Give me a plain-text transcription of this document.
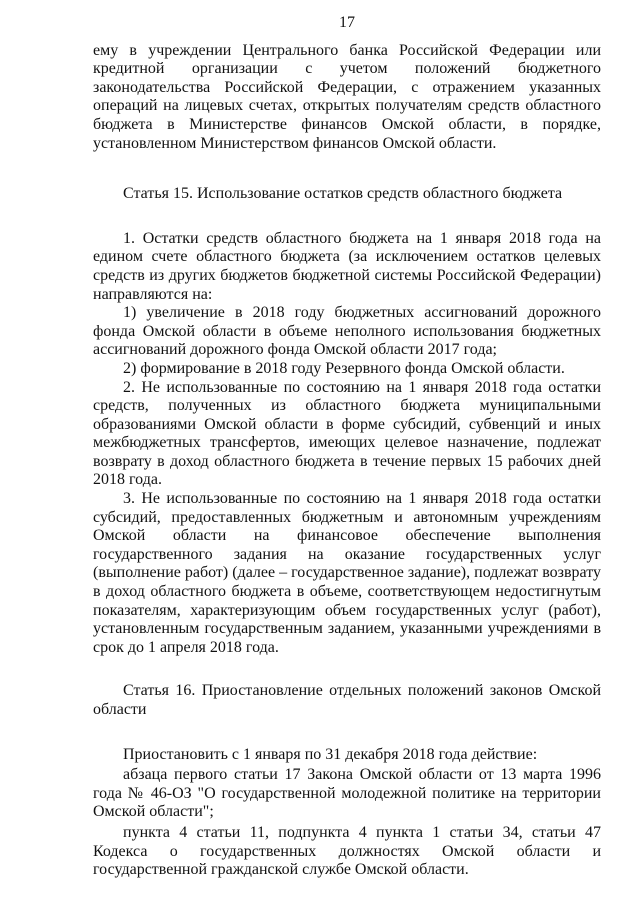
17

ему в учреждении Центрального банка Российской Федерации или кредитной организации с учетом положений бюджетного законодательства Российской Федерации, с отражением указанных операций на лицевых счетах, открытых получателям средств областного бюджета в Министерстве финансов Омской области, в порядке, установленном Министерством финансов Омской области.

Статья 15. Использование остатков средств областного бюджета

1. Остатки средств областного бюджета на 1 января 2018 года на едином счете областного бюджета (за исключением остатков целевых средств из других бюджетов бюджетной системы Российской Федерации) направляются на:

1) увеличение в 2018 году бюджетных ассигнований дорожного фонда Омской области в объеме неполного использования бюджетных ассигнований дорожного фонда Омской области 2017 года;

2) формирование в 2018 году Резервного фонда Омской области.

2. Не использованные по состоянию на 1 января 2018 года остатки средств, полученных из областного бюджета муниципальными образованиями Омской области в форме субсидий, субвенций и иных межбюджетных трансфертов, имеющих целевое назначение, подлежат возврату в доход областного бюджета в течение первых 15 рабочих дней 2018 года.

3. Не использованные по состоянию на 1 января 2018 года остатки субсидий, предоставленных бюджетным и автономным учреждениям Омской области на финансовое обеспечение выполнения государственного задания на оказание государственных услуг (выполнение работ) (далее – государственное задание), подлежат возврату в доход областного бюджета в объеме, соответствующем недостигнутым показателям, характеризующим объем государственных услуг (работ), установленным государственным заданием, указанными учреждениями в срок до 1 апреля 2018 года.

Статья 16. Приостановление отдельных положений законов Омской области

Приостановить с 1 января по 31 декабря 2018 года действие:

абзаца первого статьи 17 Закона Омской области от 13 марта 1996 года № 46-ОЗ "О государственной молодежной политике на территории Омской области";

пункта 4 статьи 11, подпункта 4 пункта 1 статьи 34, статьи 47 Кодекса о государственных должностях Омской области и государственной гражданской службе Омской области.
